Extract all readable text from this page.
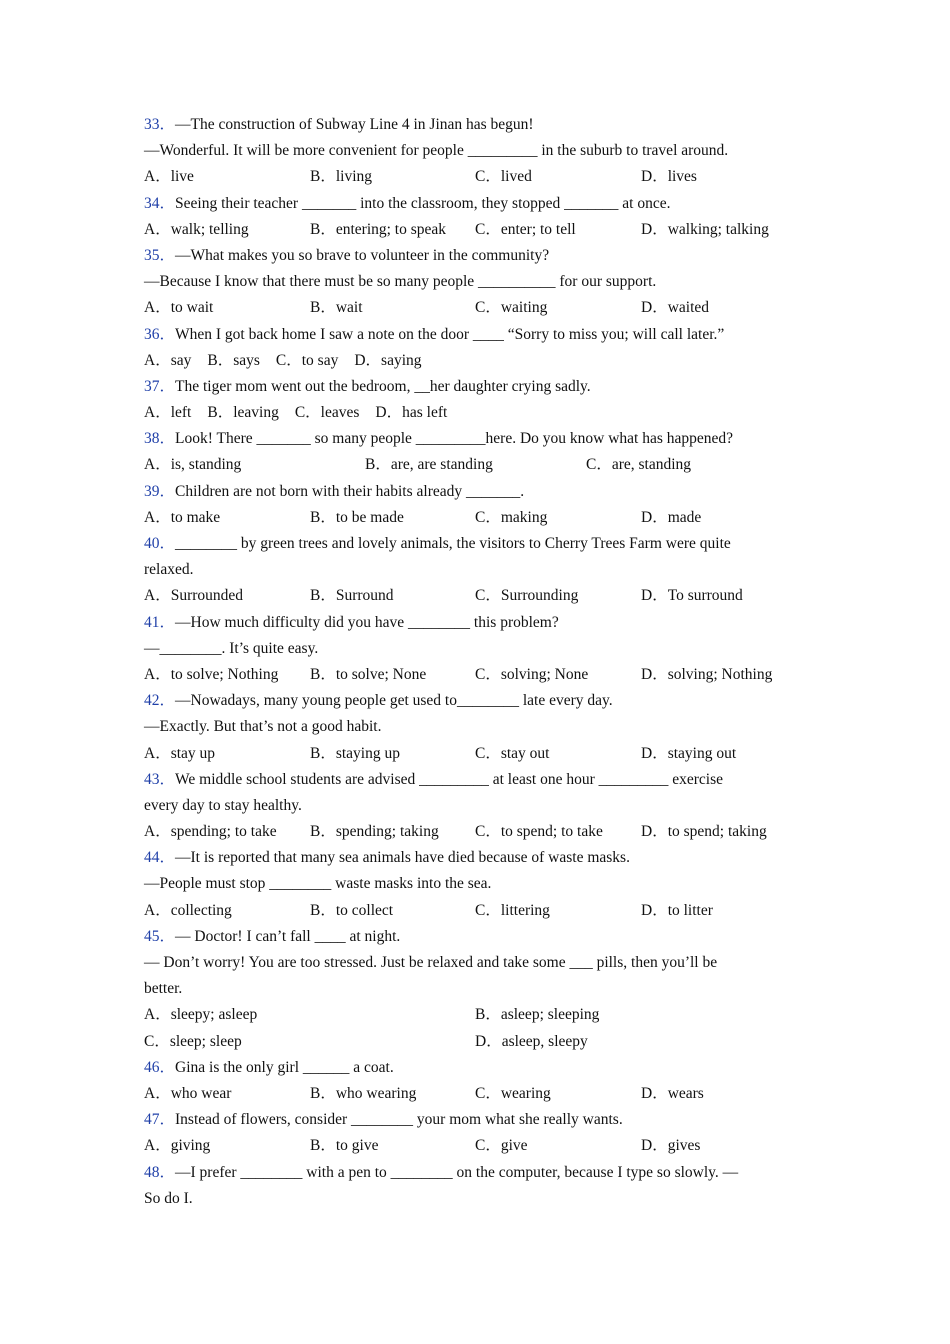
33．—The construction of Subway Line 4 in Jinan has begun!
—Wonderful. It will be more convenient for people _________ in the suburb to travel around.
A．live	B．living	C．lived	D．lives
34．Seeing their teacher _______ into the classroom, they stopped _______ at once.
A．walk; telling	B．entering; to speak C．enter; to tell	D．walking; talking
35．—What makes you so brave to volunteer in the community?
—Because I know that there must be so many people __________ for our support.
A．to wait	B．wait	C．waiting	D．waited
36．When I got back home I saw a note on the door ____ “Sorry to miss you; will call later.”
A．say B．says C．to say D．saying
37．The tiger mom went out the bedroom, __her daughter crying sadly.
A．left B．leaving C．leaves D．has left
38．Look! There _______ so many people _________here. Do you know what has happened?
A．is, standing	B．are, are standing	C．are, standing
39．Children are not born with their habits already _______.
A．to make	B．to be made	C．making	D．made
40．________ by green trees and lovely animals, the visitors to Cherry Trees Farm were quite
relaxed.
A．Surrounded	B．Surround	C．Surrounding	D．To surround
41．—How much difficulty did you have ________ this problem?
—________. It’s quite easy.
A．to solve; Nothing B．to solve; None	C．solving; None	D．solving; Nothing
42．—Nowadays, many young people get used to________ late every day.
—Exactly. But that’s not a good habit.
A．stay up	B．staying up	C．stay out	D．staying out
43．We middle school students are advised _________ at least one hour _________ exercise
every day to stay healthy.
A．spending; to take B．spending; taking C．to spend; to take D．to spend; taking
44．—It is reported that many sea animals have died because of waste masks.
—People must stop ________ waste masks into the sea.
A．collecting	B．to collect	C．littering	D．to litter
45．— Doctor! I can’t fall ____ at night.
— Don’t worry! You are too stressed. Just be relaxed and take some ___ pills, then you’ll be
better.
A．sleepy; asleep	B．asleep; sleeping
C．sleep; sleep	D．asleep, sleepy
46．Gina is the only girl ______ a coat.
A．who wear	B．who wearing	C．wearing	D．wears
47．Instead of flowers, consider ________ your mom what she really wants.
A．giving	B．to give	C．give	D．gives
48．—I prefer ________ with a pen to ________ on the computer, because I type so slowly. —
So do I.
